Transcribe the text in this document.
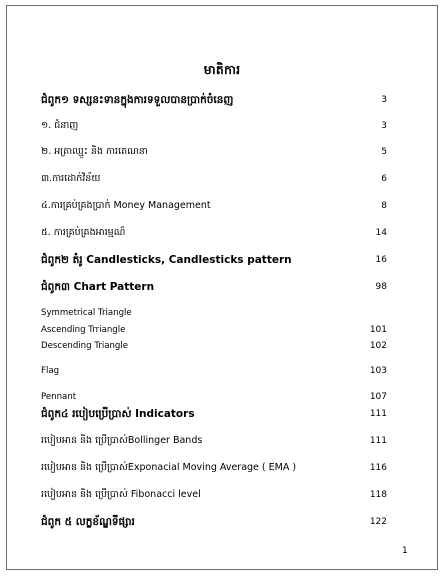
មាតិការ
ជំពូក១ ទស្សនះទានក្នុងការទទួលបានប្រាក់ចំនេញ	3
១. ជំនាញ	3
២. អត្រាឈ្មួះ និង ការតេណនា	5
៣.ការដោក់វិន័យ	6
៤.ការគ្រប់គ្រងប្រាក់ Money Management	8
៥. ការគ្រប់គ្រងអារម្មណ៏	14
ជំពូក២ តំរូ Candlesticks, Candlesticks pattern	16
ជំពូក៣ Chart Pattern	98
Symmetrical Triangle
Ascending Trriangle	101
Descending Triangle	102
Flag	103
Pennant	107
ជំពូក៤ របៀបប្រើប្រាស់ Indicators	111
របៀបអាន និង ប្រើប្រាស់Bollinger Bands	111
របៀបអាន និង ប្រើប្រាស់Exponacial Moving Average ( EMA )	116
របៀបអាន និង ប្រើប្រាស់ Fibonacci level	118
ជំពូក ៥ លក្ខខ័ណ្ឌទីផ្សារ	122
1
